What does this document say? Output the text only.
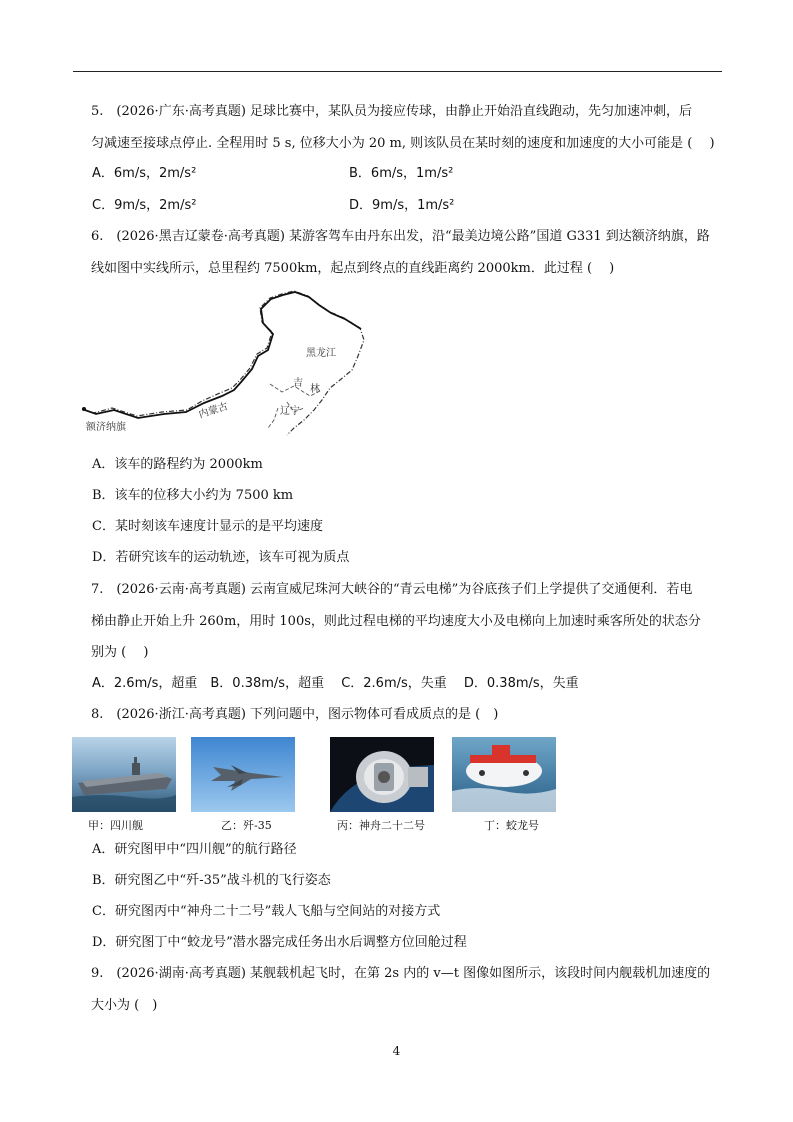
5.　(2026·广东·高考真题) 足球比赛中，某队员为接应传球，由静止开始沿直线跑动，先匀加速冲刺，后
匀减速至接球点停止. 全程用时 5 s, 位移大小为 20 m, 则该队员在某时刻的速度和加速度的大小可能是 (　 )
A．6m/s，2m/s²	B．6m/s，1m/s²
C．9m/s，2m/s²	D．9m/s，1m/s²
6.　(2026·黑吉辽蒙卷·高考真题) 某游客驾车由丹东出发，沿“最美边境公路”国道 G331 到达额济纳旗，路
线如图中实线所示，总里程约 7500km，起点到终点的直线距离约 2000km．此过程 (　 )
黑龙江
吉
林
内蒙古	辽宁
额济纳旗
A．该车的路程约为 2000km
B．该车的位移大小约为 7500 km
C．某时刻该车速度计显示的是平均速度
D．若研究该车的运动轨迹，该车可视为质点
7.　(2026·云南·高考真题) 云南宣威尼珠河大峡谷的“青云电梯”为谷底孩子们上学提供了交通便利．若电
梯由静止开始上升 260m，用时 100s，则此过程电梯的平均速度大小及电梯向上加速时乘客所处的状态分
别为 (　 )
A．2.6m/s，超重　B．0.38m/s，超重　 C．2.6m/s，失重　 D．0.38m/s，失重
8.　(2026·浙江·高考真题) 下列问题中，图示物体可看成质点的是 (　)
甲：四川舰	乙：歼-35	丙：神舟二十二号	丁：蛟龙号
A．研究图甲中“四川舰”的航行路径
B．研究图乙中“歼-35”战斗机的飞行姿态
C．研究图丙中“神舟二十二号”载人飞船与空间站的对接方式
D．研究图丁中“蛟龙号”潜水器完成任务出水后调整方位回舱过程
9.　(2026·湖南·高考真题) 某舰载机起飞时，在第 2s 内的 v—t 图像如图所示，该段时间内舰载机加速度的
大小为 (　)
4
